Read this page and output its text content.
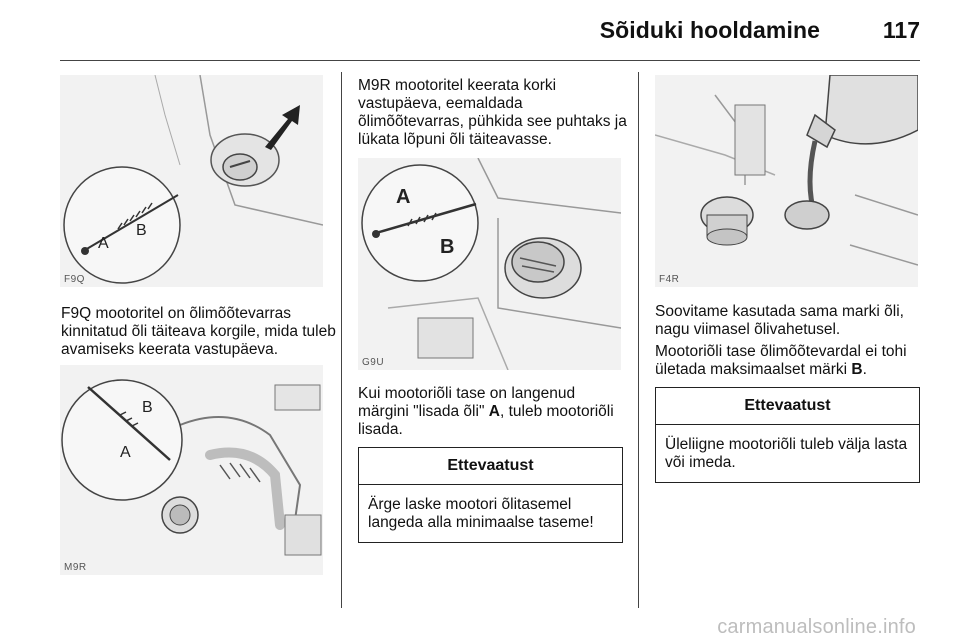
Sõiduki hooldamine	117
A
B
F9Q
F9Q mootoritel on õlimõõtevarras kinnitatud õli täiteava korgile, mida tuleb avamiseks keerata vastupäeva.
B
A
M9R
M9R mootoritel keerata korki vastupäeva, eemaldada õlimõõtevarras, pühkida see puhtaks ja lükata lõpuni õli täiteavasse.
A
B
G9U
Kui mootoriõli tase on langenud märgini "lisada õli" A, tuleb mootoriõli lisada.
Ettevaatust
Ärge laske mootori õlitasemel langeda alla minimaalse taseme!
F4R
Soovitame kasutada sama marki õli, nagu viimasel õlivahetusel.
Mootoriõli tase õlimõõtevardal ei tohi ületada maksimaalset märki B.
Ettevaatust
Üleliigne mootoriõli tuleb välja lasta või imeda.
carmanualsonline.info
